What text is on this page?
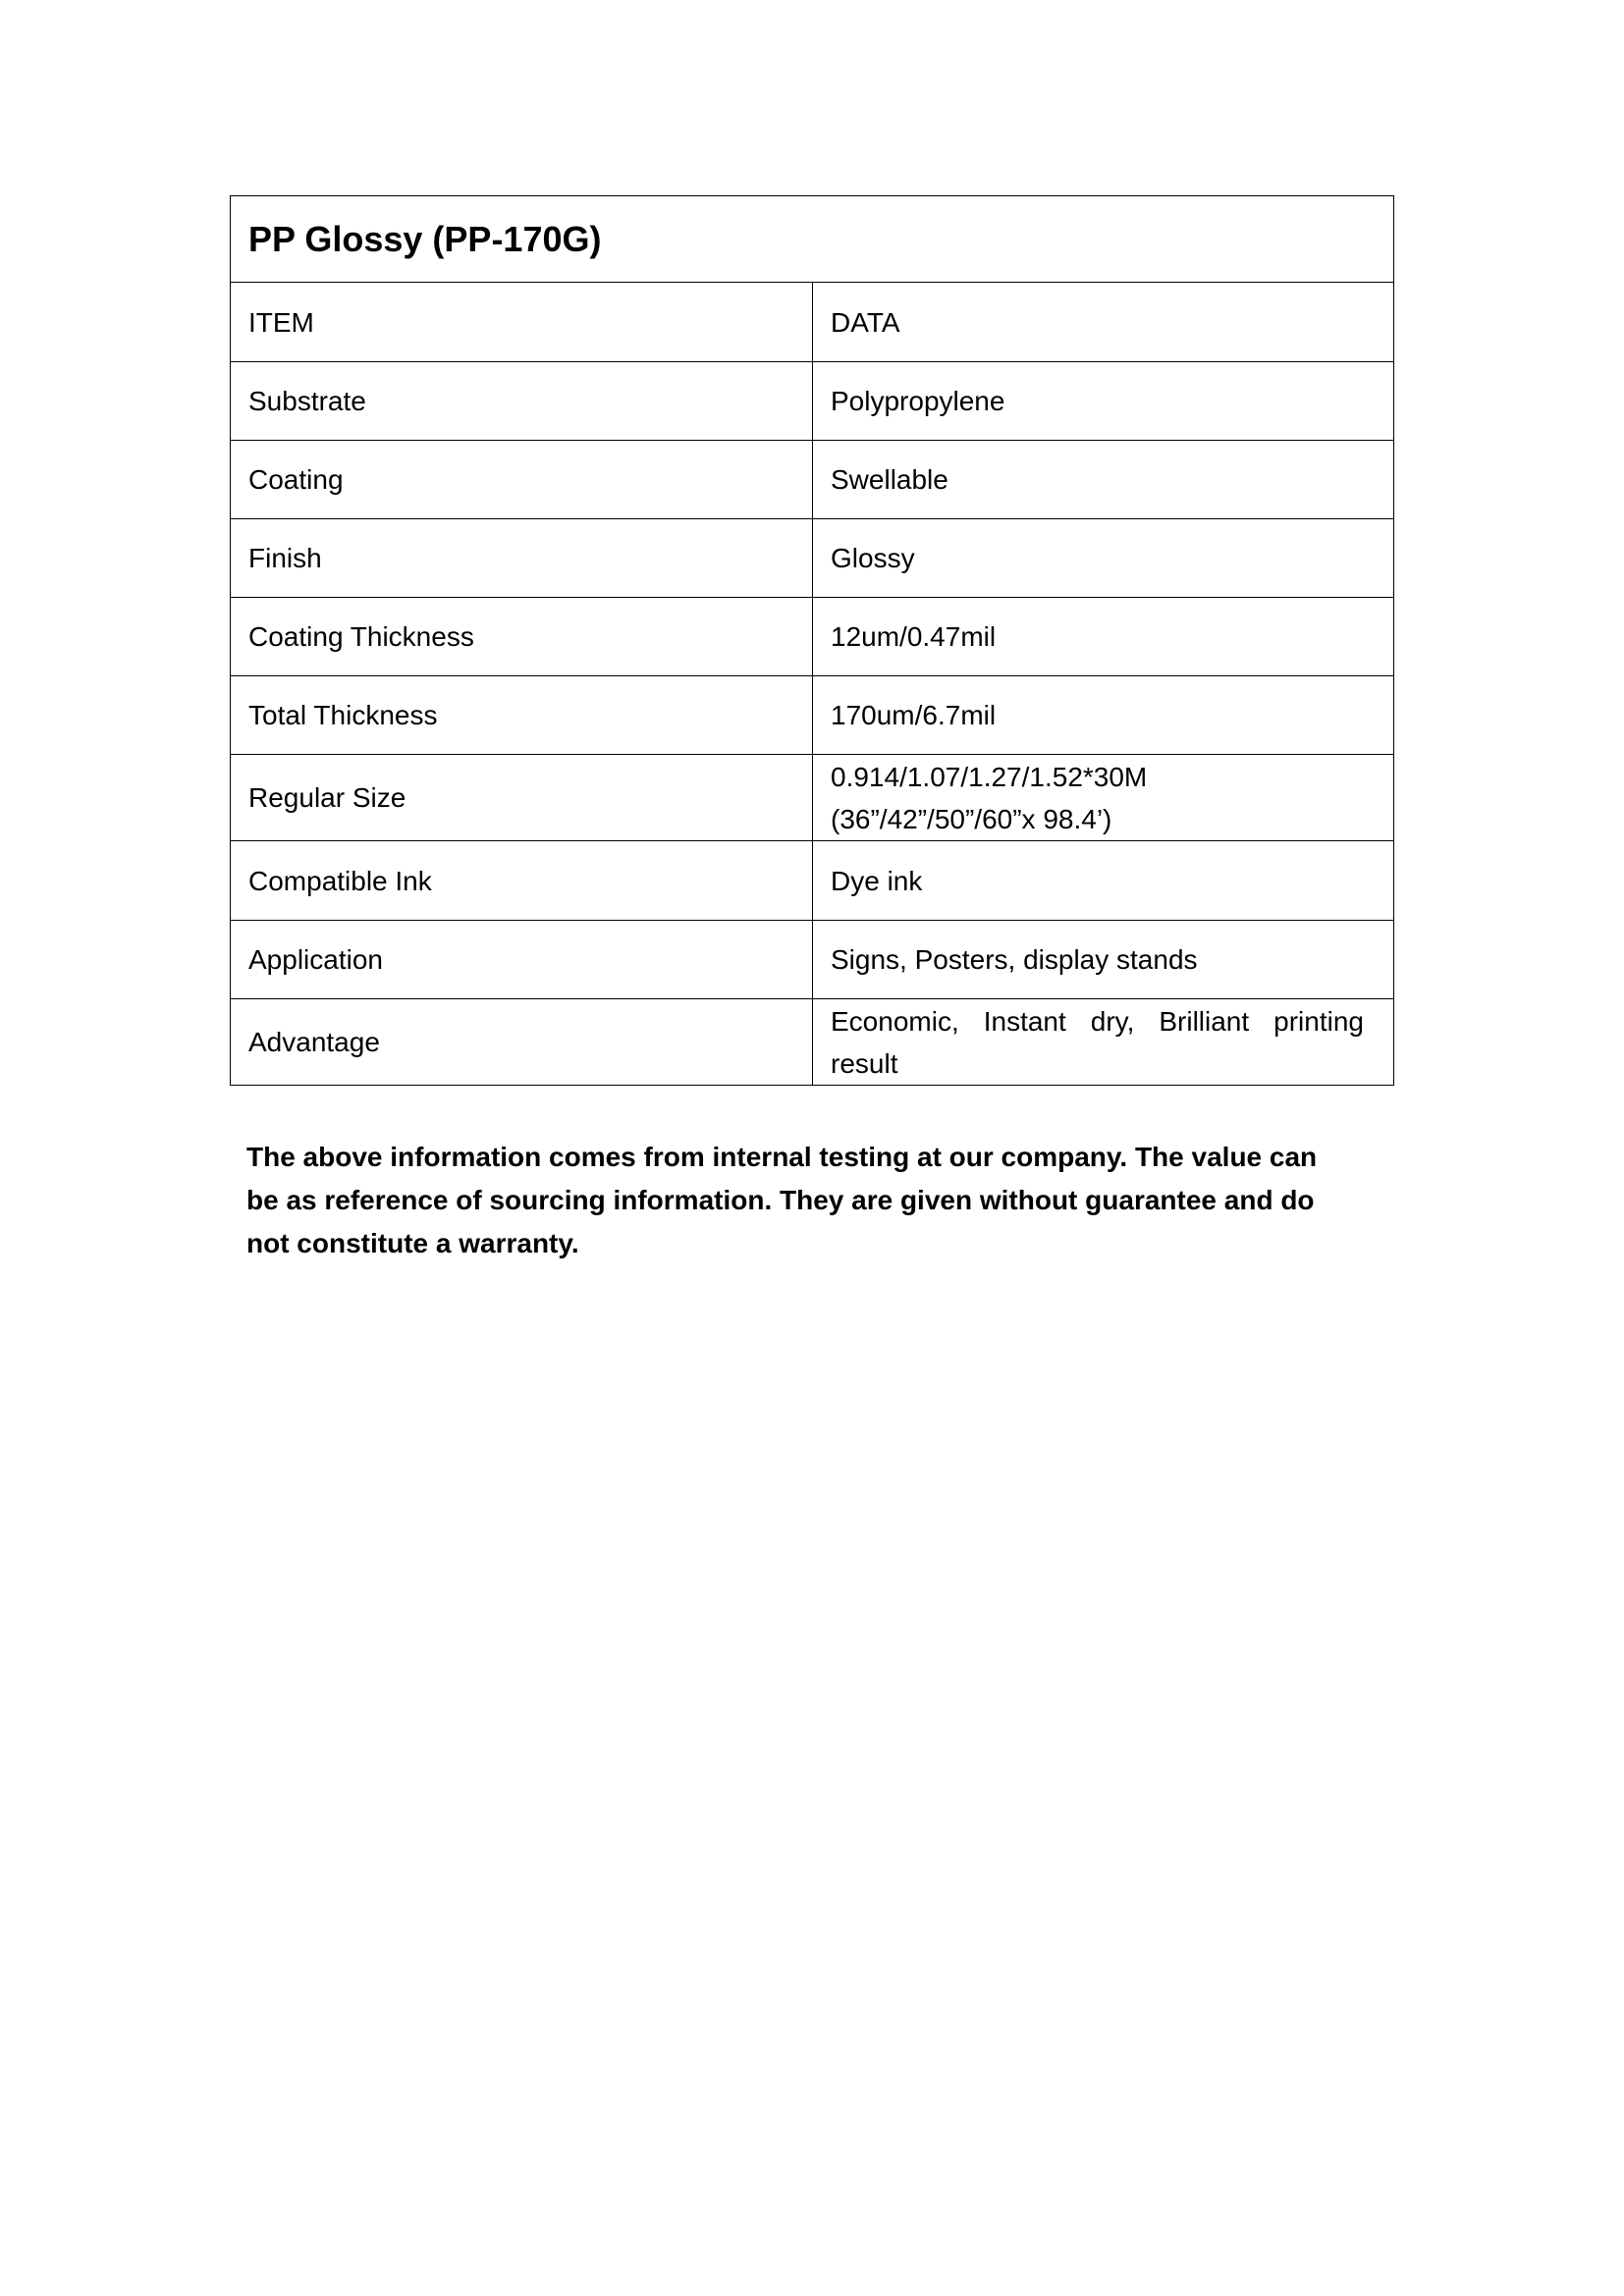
PP Glossy (PP-170G)	
ITEM	DATA
Substrate	Polypropylene
Coating	Swellable
Finish	Glossy
Coating Thickness	12um/0.47mil
Total Thickness	170um/6.7mil
Regular Size	0.914/1.07/1.27/1.52*30M
(36”/42”/50”/60”x 98.4’)

Compatible Ink	Dye ink
Application	Signs, Posters, display stands
Advantage	Economic, Instant dry, Brilliant printing result
The above information comes from internal testing at our company. The value can
be as reference of sourcing information. They are given without guarantee and do
not constitute a warranty.
